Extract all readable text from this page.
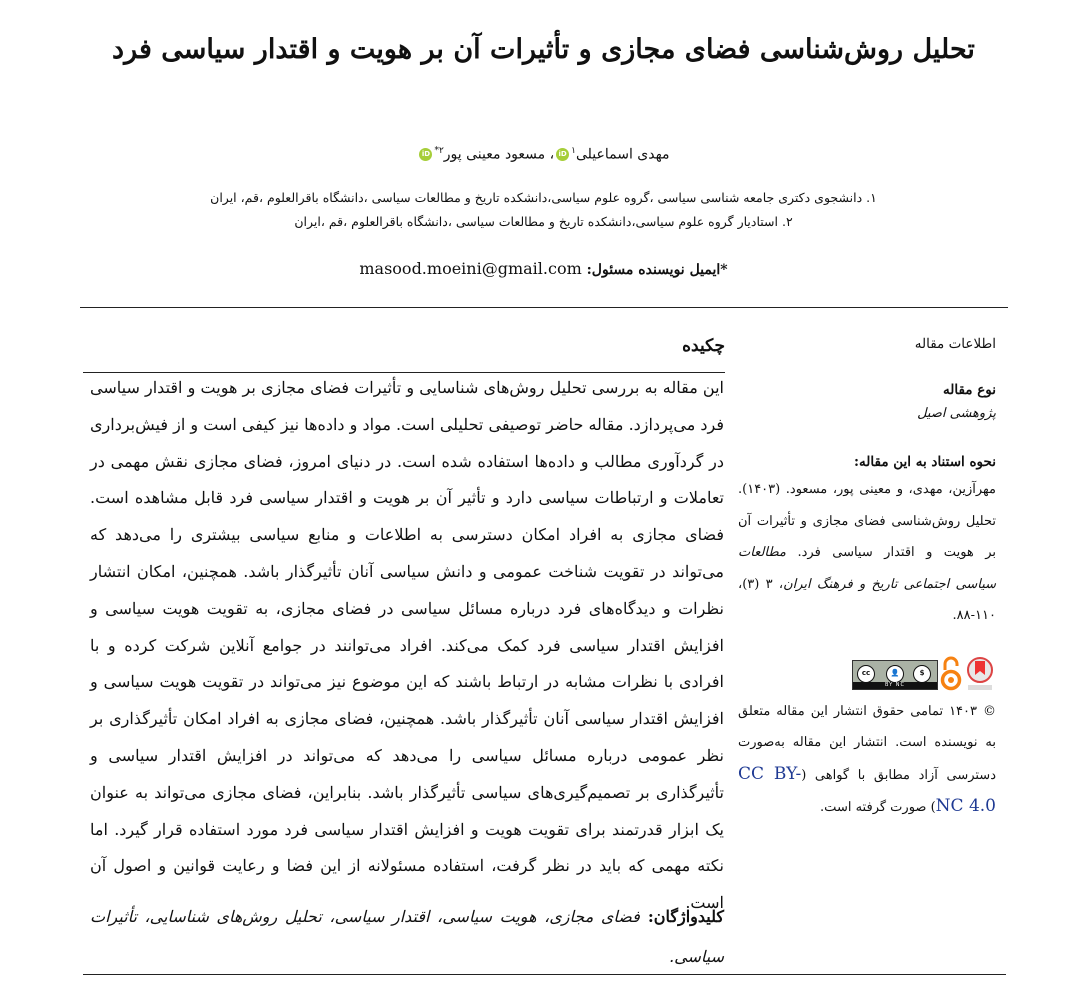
تحلیل روش‌شناسی فضای مجازی و تأثیرات آن بر هویت و اقتدار سیاسی فرد
مهدی اسماعیلی$^۱$iD، مسعود معینی پور$^{۲*}$iD
۱. دانشجوی دکتری جامعه شناسی سیاسی ،گروه علوم سیاسی،دانشکده تاریخ و مطالعات سیاسی ،دانشگاه باقرالعلوم ،قم، ایران
۲. استادیار گروه علوم سیاسی،دانشکده تاریخ و مطالعات سیاسی ،دانشگاه باقرالعلوم ،قم ،ایران
*ایمیل نویسنده مسئول: masood.moeini@gmail.com
اطلاعات مقاله
نوع مقاله
پژوهشی اصیل
نحوه استناد به این مقاله:
مهرآزین، مهدی، و معینی پور، مسعود. (۱۴۰۳). تحلیل روش‌شناسی فضای مجازی و تأثیرات آن بر هویت و اقتدار سیاسی فرد. مطالعات سیاسی اجتماعی تاریخ و فرهنگ ایران، ۳ (۳)، ۱۱۰-۸۸.
cc	👤	$
BY NC
© ۱۴۰۳ تمامی حقوق انتشار این مقاله متعلق به نویسنده است. انتشار این مقاله به‌صورت دسترسی آزاد مطابق با گواهی (CC BY-NC 4.0) صورت گرفته است.
چکیده
این مقاله به بررسی تحلیل روش‌های شناسایی و تأثیرات فضای مجازی بر هویت و اقتدار سیاسی فرد می‌پردازد. مقاله حاضر توصیفی تحلیلی است. مواد و داده‌ها نیز کیفی است و از فیش‌برداری در گردآوری مطالب و داده‌ها استفاده شده است. در دنیای امروز، فضای مجازی نقش مهمی در تعاملات و ارتباطات سیاسی دارد و تأثیر آن بر هویت و اقتدار سیاسی فرد قابل مشاهده است. فضای مجازی به افراد امکان دسترسی به اطلاعات و منابع سیاسی بیشتری را می‌دهد که می‌تواند در تقویت شناخت عمومی و دانش سیاسی آنان تأثیرگذار باشد. همچنین، امکان انتشار نظرات و دیدگاه‌های فرد درباره مسائل سیاسی در فضای مجازی، به تقویت هویت سیاسی و افزایش اقتدار سیاسی فرد کمک می‌کند. افراد می‌توانند در جوامع آنلاین شرکت کرده و با افرادی با نظرات مشابه در ارتباط باشند که این موضوع نیز می‌تواند در تقویت هویت سیاسی و افزایش اقتدار سیاسی آنان تأثیرگذار باشد. همچنین، فضای مجازی به افراد امکان تأثیرگذاری بر نظر عمومی درباره مسائل سیاسی را می‌دهد که می‌تواند در افزایش اقتدار سیاسی و تأثیرگذاری بر تصمیم‌گیری‌های سیاسی تأثیرگذار باشد. بنابراین، فضای مجازی می‌تواند به عنوان یک ابزار قدرتمند برای تقویت هویت و افزایش اقتدار سیاسی فرد مورد استفاده قرار گیرد. اما نکته مهمی که باید در نظر گرفت، استفاده مسئولانه از این فضا و رعایت قوانین و اصول آن است.
کلیدواژگان: فضای مجازی، هویت سیاسی، اقتدار سیاسی، تحلیل روش‌های شناسایی، تأثیرات سیاسی.
